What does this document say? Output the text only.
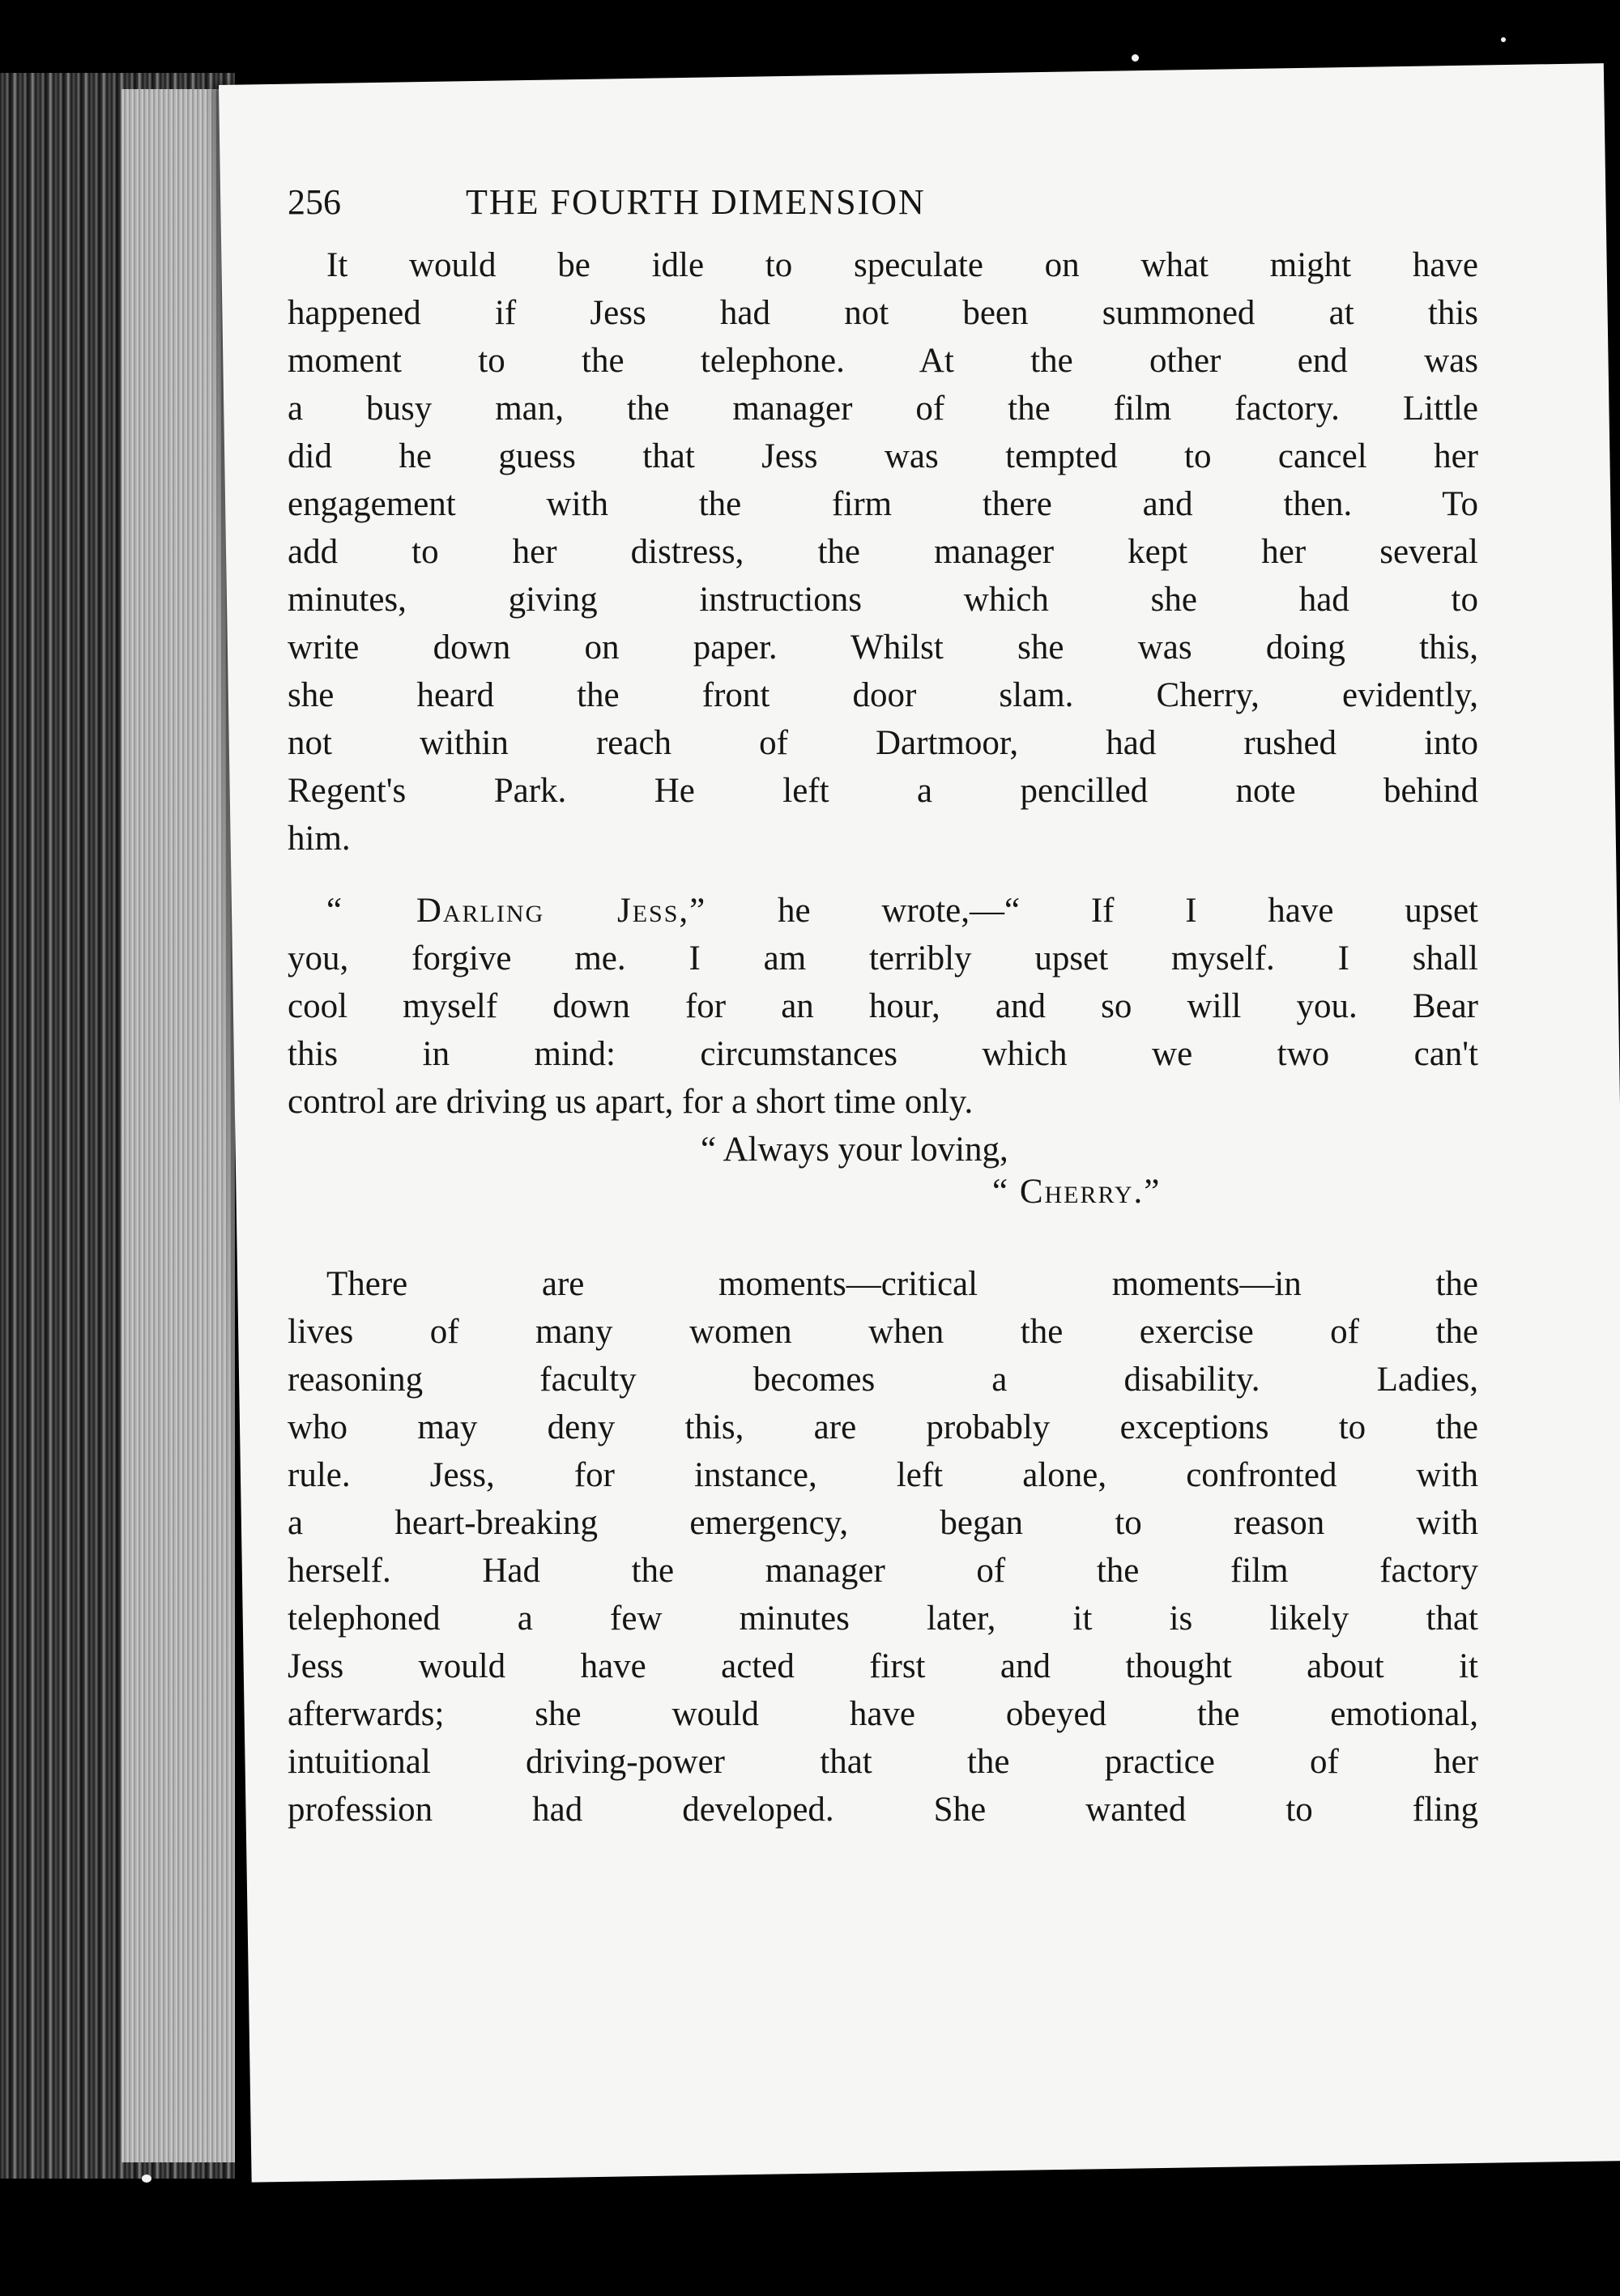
256	THE FOURTH DIMENSION
It would be idle to speculate on what might have
happened if Jess had not been summoned at this
moment to the telephone. At the other end was
a busy man, the manager of the film factory. Little
did he guess that Jess was tempted to cancel her
engagement with the firm there and then. To
add to her distress, the manager kept her several
minutes, giving instructions which she had to
write down on paper. Whilst she was doing this,
she heard the front door slam. Cherry, evidently,
not within reach of Dartmoor, had rushed into
Regent's Park. He left a pencilled note behind
him.
“ Darling Jess,” he wrote,—“ If I have upset
you, forgive me. I am terribly upset myself. I shall
cool myself down for an hour, and so will you. Bear
this in mind: circumstances which we two can't
control are driving us apart, for a short time only.
“ Always your loving,
“ Cherry.”
There are moments—critical moments—in the
lives of many women when the exercise of the
reasoning faculty becomes a disability. Ladies,
who may deny this, are probably exceptions to the
rule. Jess, for instance, left alone, confronted with
a heart-breaking emergency, began to reason with
herself. Had the manager of the film factory
telephoned a few minutes later, it is likely that
Jess would have acted first and thought about it
afterwards; she would have obeyed the emotional,
intuitional driving-power that the practice of her
profession had developed. She wanted to fling
